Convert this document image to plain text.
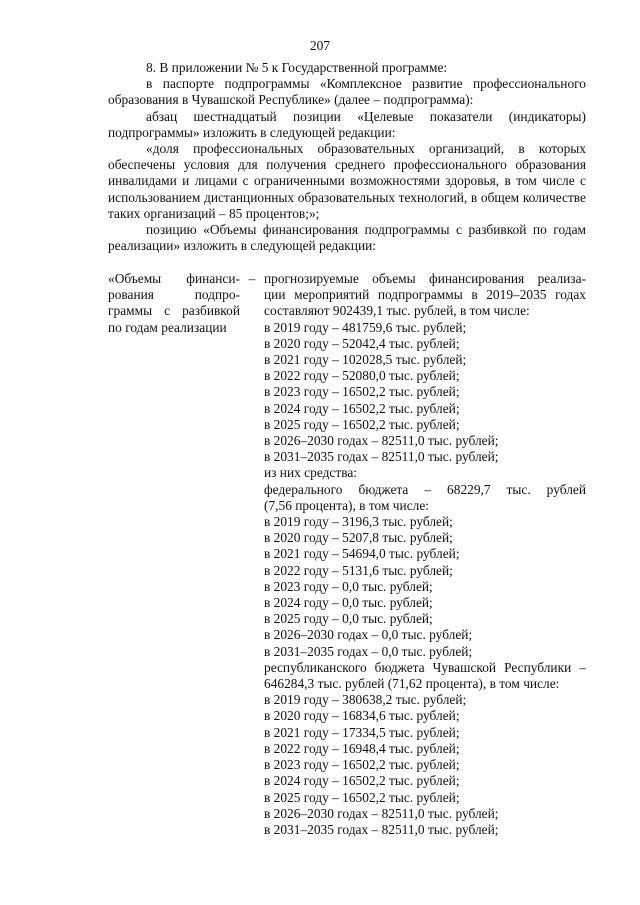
207

8. В приложении № 5 к Государственной программе:

в паспорте подпрограммы «Комплексное развитие профессионального образования в Чувашской Республике» (далее – подпрограмма):

абзац шестнадцатый позиции «Целевые показатели (индикаторы) подпрограммы» изложить в следующей редакции:

«доля профессиональных образовательных организаций, в которых обеспечены условия для получения среднего профессионального образования инвалидами и лицами с ограниченными возможностями здоровья, в том числе с использованием дистанционных образовательных технологий, в общем количестве таких организаций – 85 процентов;»;

позицию «Объемы финансирования подпрограммы с разбивкой по годам реализации» изложить в следующей редакции:

«Объемы финанси-
рования подпро-
граммы с разбивкой
по годам реализации
– прогнозируемые объемы финансирования реализа-
ции мероприятий подпрограммы в 2019–2035 годах
составляют 902439,1 тыс. рублей, в том числе:
в 2019 году – 481759,6 тыс. рублей;
в 2020 году – 52042,4 тыс. рублей;
в 2021 году – 102028,5 тыс. рублей;
в 2022 году – 52080,0 тыс. рублей;
в 2023 году – 16502,2 тыс. рублей;
в 2024 году – 16502,2 тыс. рублей;
в 2025 году – 16502,2 тыс. рублей;
в 2026–2030 годах – 82511,0 тыс. рублей;
в 2031–2035 годах – 82511,0 тыс. рублей;
из них средства:
федерального бюджета – 68229,7 тыс. рублей
(7,56 процента), в том числе:
в 2019 году – 3196,3 тыс. рублей;
в 2020 году – 5207,8 тыс. рублей;
в 2021 году – 54694,0 тыс. рублей;
в 2022 году – 5131,6 тыс. рублей;
в 2023 году – 0,0 тыс. рублей;
в 2024 году – 0,0 тыс. рублей;
в 2025 году – 0,0 тыс. рублей;
в 2026–2030 годах – 0,0 тыс. рублей;
в 2031–2035 годах – 0,0 тыс. рублей;
республиканского бюджета Чувашской Республики –
646284,3 тыс. рублей (71,62 процента), в том числе:
в 2019 году – 380638,2 тыс. рублей;
в 2020 году – 16834,6 тыс. рублей;
в 2021 году – 17334,5 тыс. рублей;
в 2022 году – 16948,4 тыс. рублей;
в 2023 году – 16502,2 тыс. рублей;
в 2024 году – 16502,2 тыс. рублей;
в 2025 году – 16502,2 тыс. рублей;
в 2026–2030 годах – 82511,0 тыс. рублей;
в 2031–2035 годах – 82511,0 тыс. рублей;
